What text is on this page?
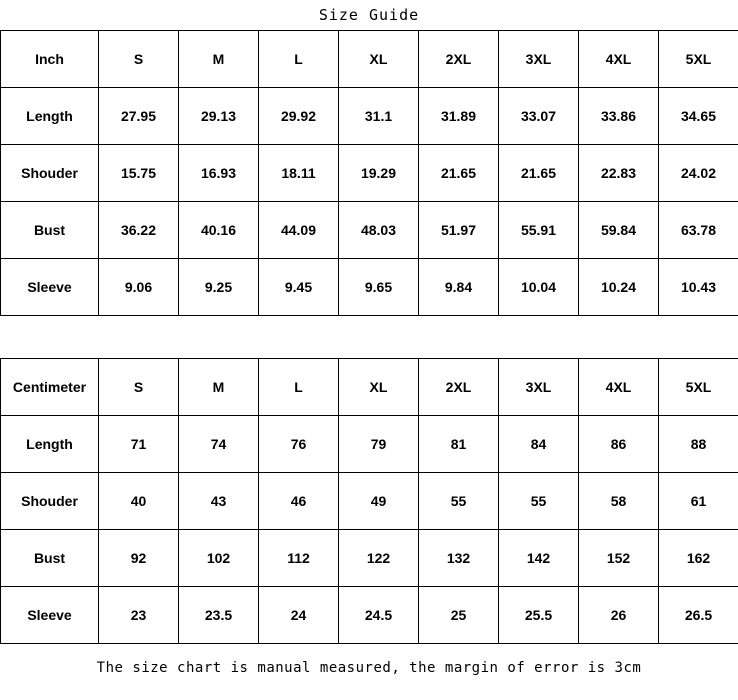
Size Guide
Inch	S	M	L	XL	2XL	3XL	4XL	5XL
Length	27.95	29.13	29.92	31.1	31.89	33.07	33.86	34.65
Shouder	15.75	16.93	18.11	19.29	21.65	21.65	22.83	24.02
Bust	36.22	40.16	44.09	48.03	51.97	55.91	59.84	63.78
Sleeve	9.06	9.25	9.45	9.65	9.84	10.04	10.24	10.43
Centimeter	S	M	L	XL	2XL	3XL	4XL	5XL
Length	71	74	76	79	81	84	86	88
Shouder	40	43	46	49	55	55	58	61
Bust	92	102	112	122	132	142	152	162
Sleeve	23	23.5	24	24.5	25	25.5	26	26.5
The size chart is manual measured, the margin of error is 3cm
